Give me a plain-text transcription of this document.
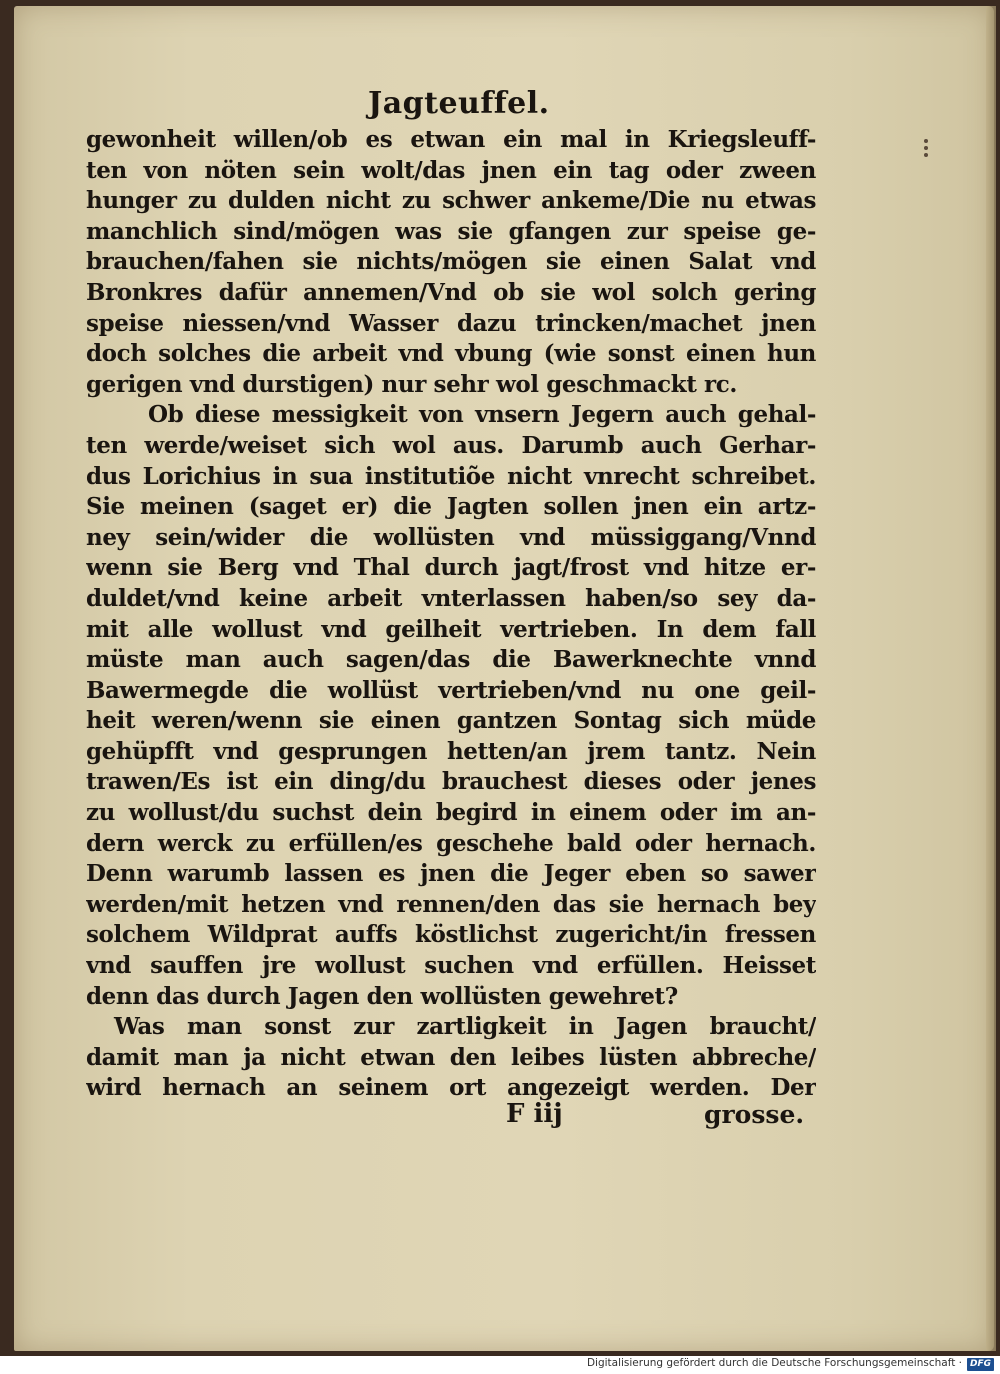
Jagteuffel.
gewonheit willen/ob es etwan ein mal in Kriegsleuff-
ten von nöten sein wolt/das jnen ein tag oder zween
hunger zu dulden nicht zu schwer ankeme/Die nu etwas
manchlich sind/mögen was sie gfangen zur speise ge-
brauchen/fahen sie nichts/mögen sie einen Salat vnd
Bronkres dafür annemen/Vnd ob sie wol solch gering
speise niessen/vnd Wasser dazu trincken/machet jnen
doch solches die arbeit vnd vbung (wie sonst einen hun
gerigen vnd durstigen) nur sehr wol geschmackt rc.
Ob diese messigkeit von vnsern Jegern auch gehal-
ten werde/weiset sich wol aus. Darumb auch Gerhar-
dus Lorichius in sua institutiõe nicht vnrecht schreibet.
Sie meinen (saget er) die Jagten sollen jnen ein artz-
ney sein/wider die wollüsten vnd müssiggang/Vnnd
wenn sie Berg vnd Thal durch jagt/frost vnd hitze er-
duldet/vnd keine arbeit vnterlassen haben/so sey da-
mit alle wollust vnd geilheit vertrieben. In dem fall
müste man auch sagen/das die Bawerknechte vnnd
Bawermegde die wollüst vertrieben/vnd nu one geil-
heit weren/wenn sie einen gantzen Sontag sich müde
gehüpfft vnd gesprungen hetten/an jrem tantz. Nein
trawen/Es ist ein ding/du brauchest dieses oder jenes
zu wollust/du suchst dein begird in einem oder im an-
dern werck zu erfüllen/es geschehe bald oder hernach.
Denn warumb lassen es jnen die Jeger eben so sawer
werden/mit hetzen vnd rennen/den das sie hernach bey
solchem Wildprat auffs köstlichst zugericht/in fressen
vnd sauffen jre wollust suchen vnd erfüllen. Heisset
denn das durch Jagen den wollüsten gewehret?
Was man sonst zur zartligkeit in Jagen braucht/
damit man ja nicht etwan den leibes lüsten abbreche/
wird hernach an seinem ort angezeigt werden. Der
F iij	grosse.
Digitalisierung gefördert durch die Deutsche Forschungsgemeinschaft · DFG
